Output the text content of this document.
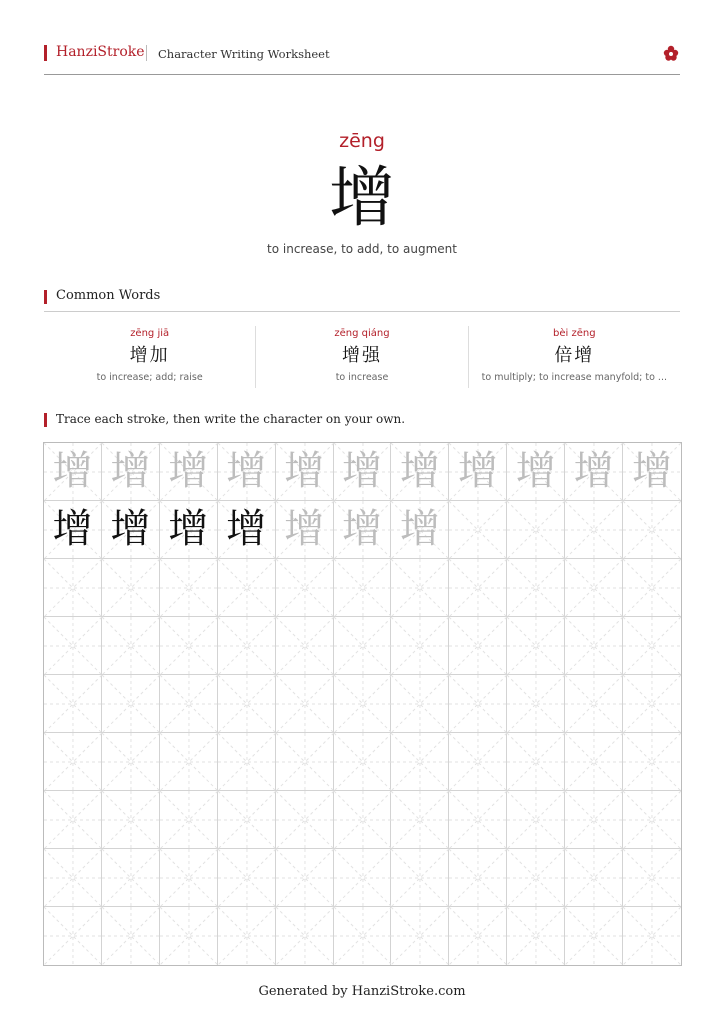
HanziStroke Character Writing Worksheet
zēng
增
to increase, to add, to augment
Common Words
zēng jiā
增加
to increase; add; raise
zēng qiáng
增强
to increase
bèi zēng
倍增
to multiply; to increase manyfold; to ...
Trace each stroke, then write the character on your own.
增 增 增 增 增 增 增 增 增 增 增
增 增 增 增 增 增 增
Generated by HanziStroke.com
